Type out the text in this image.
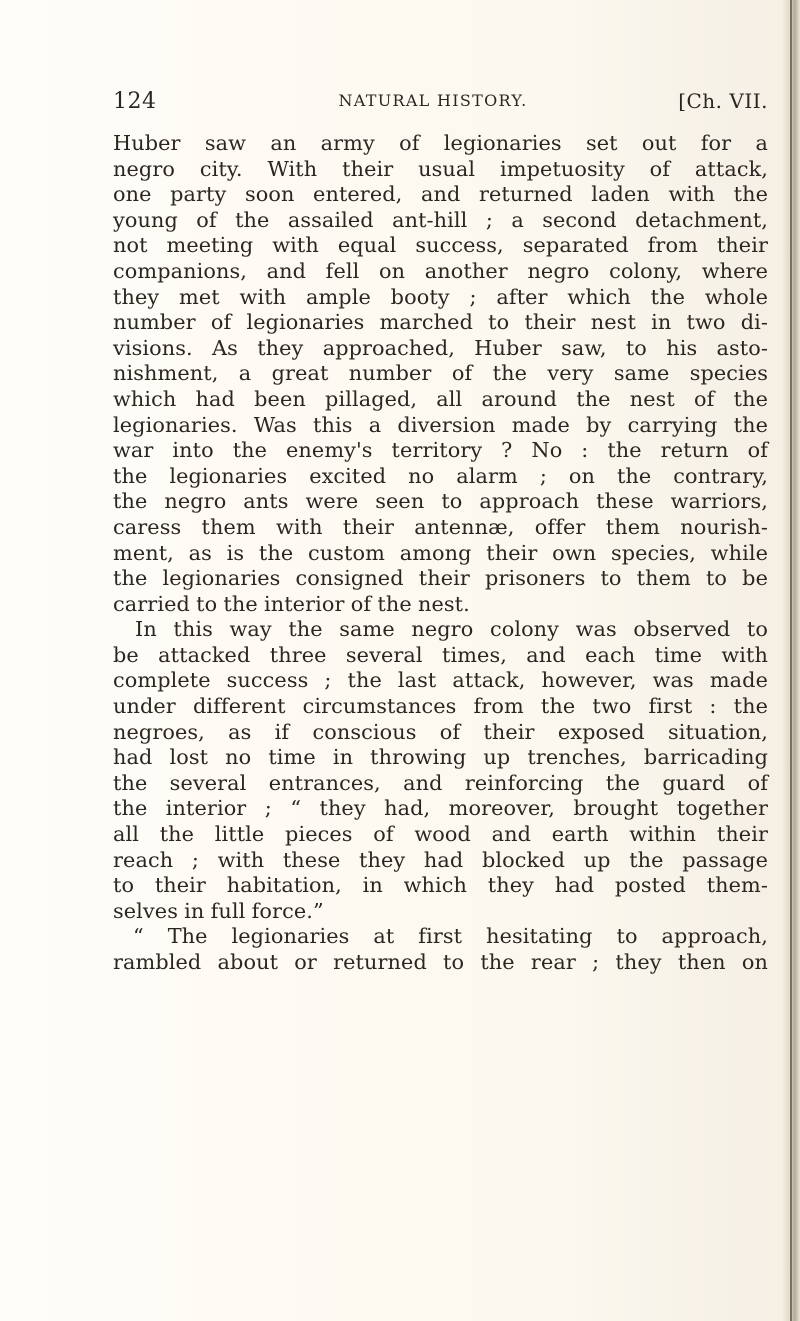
124	NATURAL HISTORY.	[Ch. VII.
Huber saw an army of legionaries set out for a
negro city. With their usual impetuosity of attack,
one party soon entered, and returned laden with the
young of the assailed ant-hill ; a second detachment,
not meeting with equal success, separated from their
companions, and fell on another negro colony, where
they met with ample booty ; after which the whole
number of legionaries marched to their nest in two di-
visions. As they approached, Huber saw, to his asto-
nishment, a great number of the very same species
which had been pillaged, all around the nest of the
legionaries. Was this a diversion made by carrying the
war into the enemy's territory ? No : the return of
the legionaries excited no alarm ; on the contrary,
the negro ants were seen to approach these warriors,
caress them with their antennæ, offer them nourish-
ment, as is the custom among their own species, while
the legionaries consigned their prisoners to them to be
carried to the interior of the nest.
In this way the same negro colony was observed to
be attacked three several times, and each time with
complete success ; the last attack, however, was made
under different circumstances from the two first : the
negroes, as if conscious of their exposed situation,
had lost no time in throwing up trenches, barricading
the several entrances, and reinforcing the guard of
the interior ; “ they had, moreover, brought together
all the little pieces of wood and earth within their
reach ; with these they had blocked up the passage
to their habitation, in which they had posted them-
selves in full force.”
“ The legionaries at first hesitating to approach,
rambled about or returned to the rear ; they then on
